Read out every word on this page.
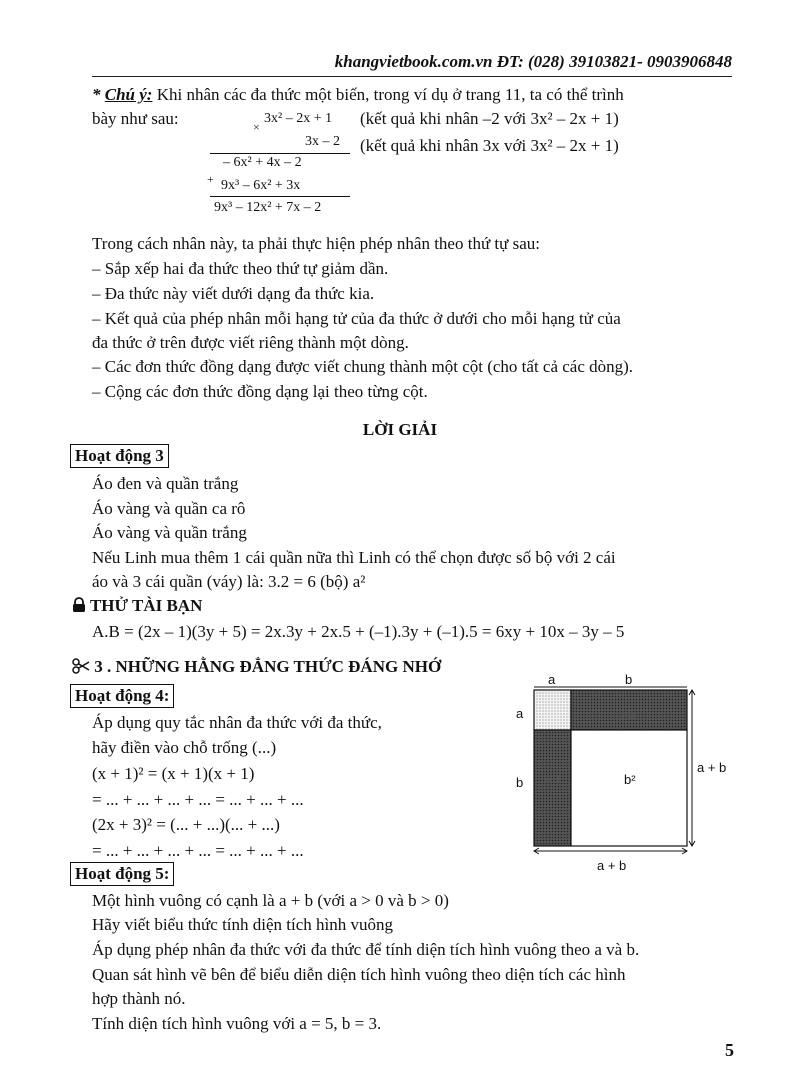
khangvietbook.com.vn ĐT: (028) 39103821- 0903906848
* Chú ý: Khi nhân các đa thức một biến, trong ví dụ ở trang 11, ta có thể trình
bày như sau:	×
3x² – 2x + 1
3x – 2
– 6x² + 4x – 2
+ 9x³ – 6x² + 3x
9x³ – 12x² + 7x – 2
(kết quả khi nhân –2 với 3x² – 2x + 1)
(kết quả khi nhân 3x với 3x² – 2x + 1)
Trong cách nhân này, ta phải thực hiện phép nhân theo thứ tự sau:
– Sắp xếp hai đa thức theo thứ tự giảm dần.
– Đa thức này viết dưới dạng đa thức kia.
– Kết quả của phép nhân mỗi hạng tử của đa thức ở dưới cho mỗi hạng tử của
đa thức ở trên được viết riêng thành một dòng.
– Các đơn thức đồng dạng được viết chung thành một cột (cho tất cả các dòng).
– Cộng các đơn thức đồng dạng lại theo từng cột.
LỜI GIẢI
Hoạt động 3
Áo đen và quần trắng
Áo vàng và quần ca rô
Áo vàng và quần trắng
Nếu Linh mua thêm 1 cái quần nữa thì Linh có thể chọn được số bộ với 2 cái
áo và 3 cái quần (váy) là: 3.2 = 6 (bộ) a²
THỬ TÀI BẠN
A.B = (2x – 1)(3y + 5) = 2x.3y + 2x.5 + (–1).3y + (–1).5 = 6xy + 10x – 3y – 5
3 . NHỮNG HẰNG ĐẲNG THỨC ĐÁNG NHỚ
Hoạt động 4:
Áp dụng quy tắc nhân đa thức với đa thức,
hãy điền vào chỗ trống (...)
(x + 1)² = (x + 1)(x + 1)
= ... + ... + ... + ... = ... + ... + ...
(2x + 3)² = (... + ...)(... + ...)
= ... + ... + ... + ... = ... + ... + ...
a	b
a
b
a + b
a + b
ab
ab	b²
Hoạt động 5:
Một hình vuông có cạnh là a + b (với a > 0 và b > 0)
Hãy viết biểu thức tính diện tích hình vuông
Áp dụng phép nhân đa thức với đa thức để tính diện tích hình vuông theo a và b.
Quan sát hình vẽ bên để biểu diễn diện tích hình vuông theo diện tích các hình
hợp thành nó.
Tính diện tích hình vuông với a = 5, b = 3.
5
